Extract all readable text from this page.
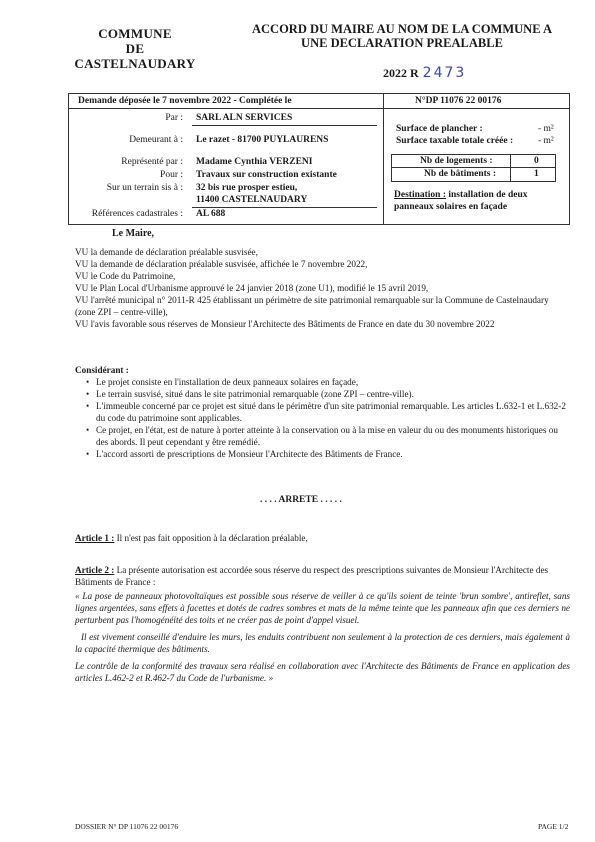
COMMUNE
DE
CASTELNAUDARY
ACCORD DU MAIRE AU NOM DE LA COMMUNE A
UNE DECLARATION PREALABLE
2022 R 2473
Demande déposée le 7 novembre 2022 - Complétée le	N°DP 11076 22 00176
Par : SARL ALN SERVICES
Demeurant à : Le razet - 81700 PUYLAURENS
Représenté par : Madame Cynthia VERZENI
Pour : Travaux sur construction existante
Sur un terrain sis à : 32 bis rue prosper estieu,
11400 CASTELNAUDARY
Références cadastrales : AL 688
Surface de plancher :	- m²
Surface taxable totale créée :	- m²
Nb de logements :	0
Nb de bâtiments :	1
Destination : installation de deux
panneaux solaires en façade
Le Maire,
VU la demande de déclaration préalable susvisée,
VU la demande de déclaration préalable susvisée, affichée le 7 novembre 2022,
VU le Code du Patrimoine,
VU le Plan Local d'Urbanisme approuvé le 24 janvier 2018 (zone U1), modifié le 15 avril 2019,
VU l'arrêté municipal n° 2011-R 425 établissant un périmètre de site patrimonial remarquable sur la Commune de Castelnaudary (zone ZPI – centre-ville),
VU l'avis favorable sous réserves de Monsieur l'Architecte des Bâtiments de France en date du 30 novembre 2022
Considérant :
• Le projet consiste en l'installation de deux panneaux solaires en façade,
• Le terrain susvisé, situé dans le site patrimonial remarquable (zone ZPI – centre-ville).
• L'immeuble concerné par ce projet est situé dans le périmètre d'un site patrimonial remarquable. Les articles L.632-1 et L.632-2 du code du patrimoine sont applicables.
• Ce projet, en l'état, est de nature à porter atteinte à la conservation ou à la mise en valeur du ou des monuments historiques ou des abords. Il peut cependant y être remédié.
• L'accord assorti de prescriptions de Monsieur l'Architecte des Bâtiments de France.
. . . . ARRETE . . . . .
Article 1 : Il n'est pas fait opposition à la déclaration préalable,
Article 2 : La présente autorisation est accordée sous réserve du respect des prescriptions suivantes de Monsieur l'Architecte des Bâtiments de France :
« La pose de panneaux photovoltaïques est possible sous réserve de veiller à ce qu'ils soient de teinte 'brun sombre', antireflet, sans lignes argentées, sans effets à facettes et dotés de cadres sombres et mats de la même teinte que les panneaux afin que ces derniers ne perturbent pas l'homogénéité des toits et ne créer pas de point d'appel visuel.
Il est vivement conseillé d'enduire les murs, les enduits contribuent non seulement à la protection de ces derniers, mais également à la capacité thermique des bâtiments.
Le contrôle de la conformité des travaux sera réalisé en collaboration avec l'Architecte des Bâtiments de France en application des articles L.462-2 et R.462-7 du Code de l'urbanisme. »
DOSSIER N° DP 11076 22 00176	PAGE 1/2
